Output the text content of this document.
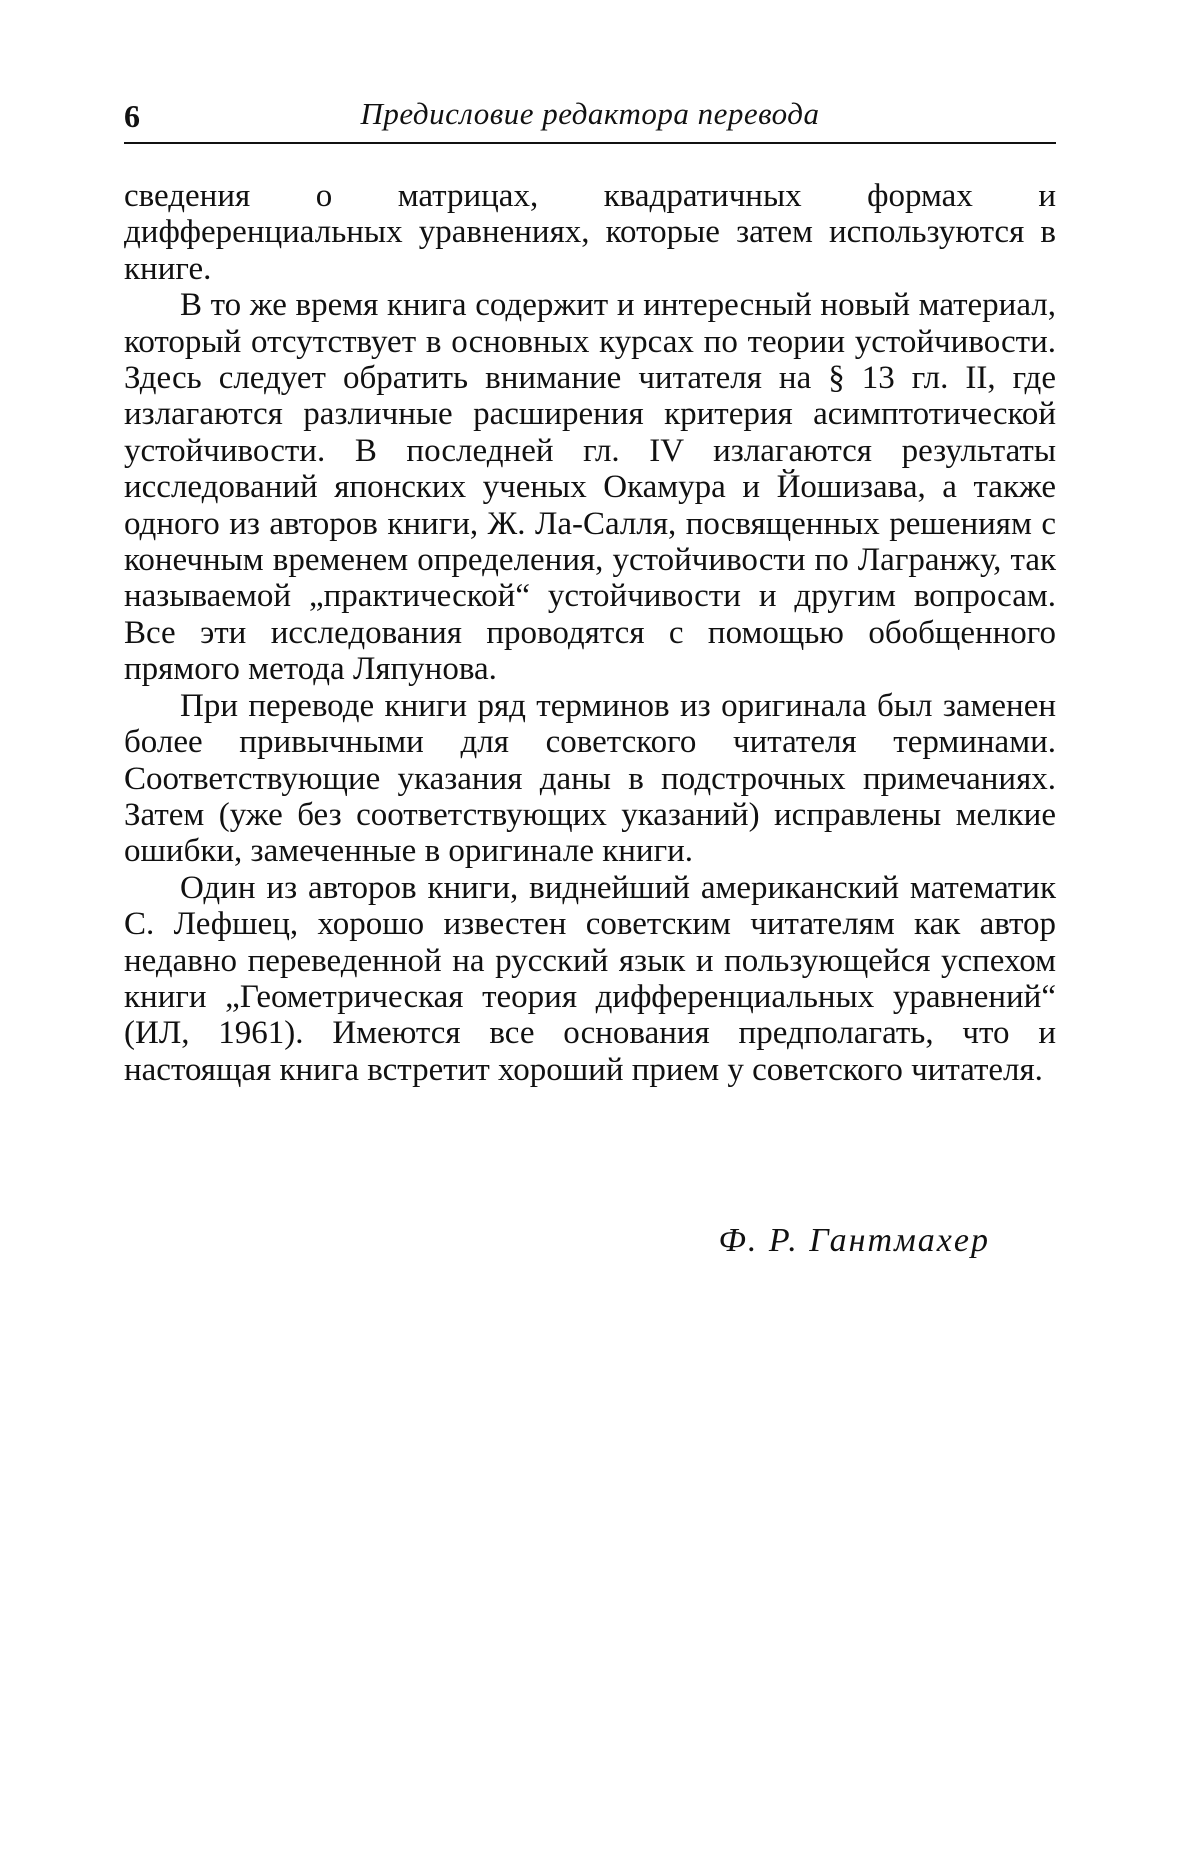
6	Предисловие редактора перевода

сведения о матрицах, квадратичных формах и дифференциальных уравнениях, которые затем используются в книге.

В то же время книга содержит и интересный новый материал, который отсутствует в основных курсах по теории устойчивости. Здесь следует обратить внимание читателя на § 13 гл. II, где излагаются различные расширения критерия асимптотической устойчивости. В последней гл. IV излагаются результаты исследований японских ученых Окамура и Йошизава, а также одного из авторов книги, Ж. Ла-Салля, посвященных решениям с конечным временем определения, устойчивости по Лагранжу, так называемой „практической“ устойчивости и другим вопросам. Все эти исследования проводятся с помощью обобщенного прямого метода Ляпунова.

При переводе книги ряд терминов из оригинала был заменен более привычными для советского читателя терминами. Соответствующие указания даны в подстрочных примечаниях. Затем (уже без соответствующих указаний) исправлены мелкие ошибки, замеченные в оригинале книги.

Один из авторов книги, виднейший американский математик С. Лефшец, хорошо известен советским читателям как автор недавно переведенной на русский язык и пользующейся успехом книги „Геометрическая теория дифференциальных уравнений“ (ИЛ, 1961). Имеются все основания предполагать, что и настоящая книга встретит хороший прием у советского читателя.

Ф. Р. Гантмахер
